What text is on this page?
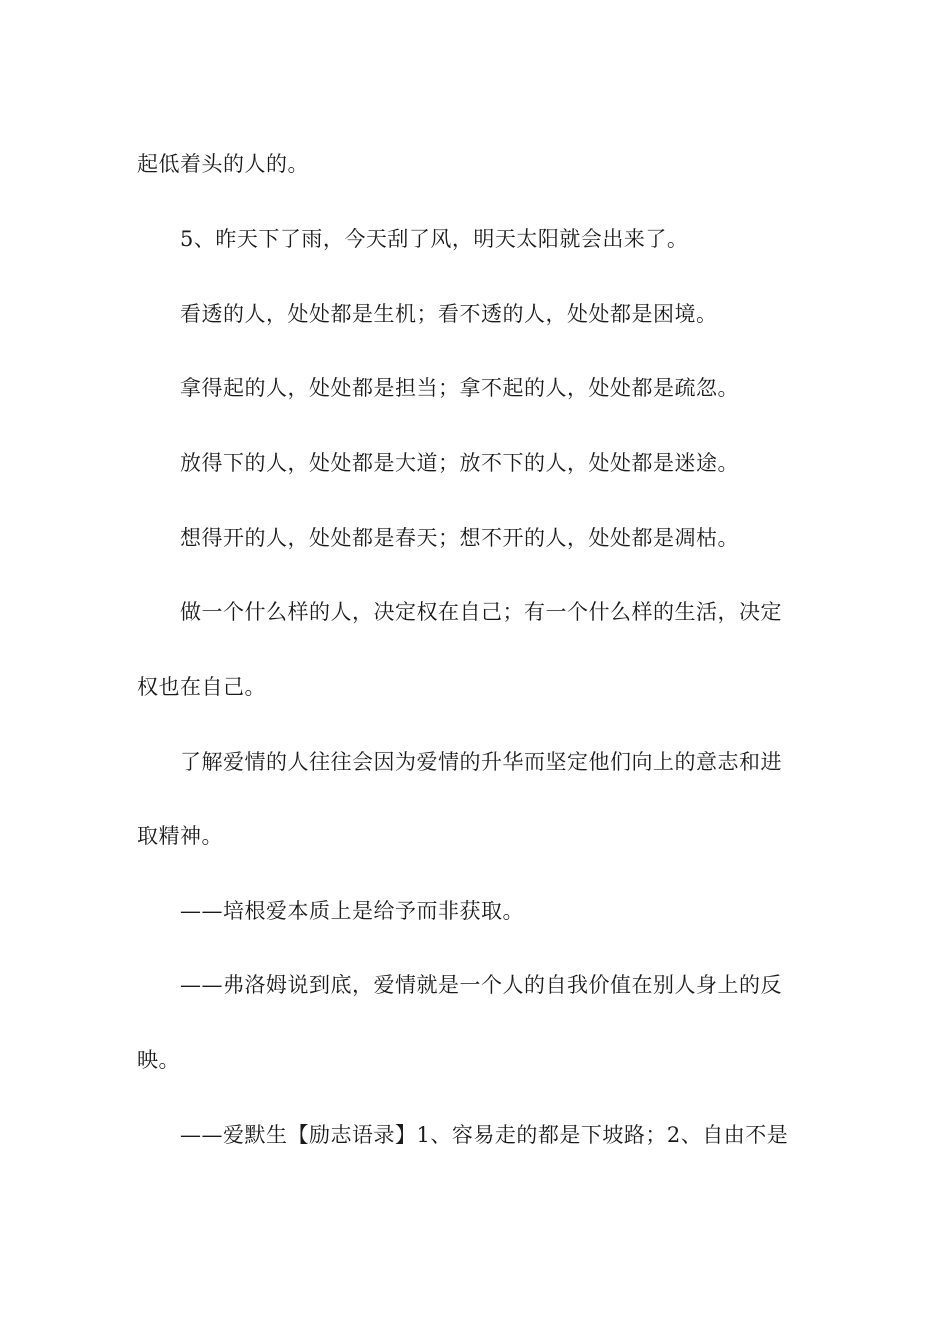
起低着头的人的。
5、昨天下了雨，今天刮了风，明天太阳就会出来了。
看透的人，处处都是生机；看不透的人，处处都是困境。
拿得起的人，处处都是担当；拿不起的人，处处都是疏忽。
放得下的人，处处都是大道；放不下的人，处处都是迷途。
想得开的人，处处都是春天；想不开的人，处处都是凋枯。
做一个什么样的人，决定权在自己；有一个什么样的生活，决定
权也在自己。
了解爱情的人往往会因为爱情的升华而坚定他们向上的意志和进
取精神。
——培根爱本质上是给予而非获取。
——弗洛姆说到底，爱情就是一个人的自我价值在别人身上的反
映。
——爱默生【励志语录】1、容易走的都是下坡路；2、自由不是
